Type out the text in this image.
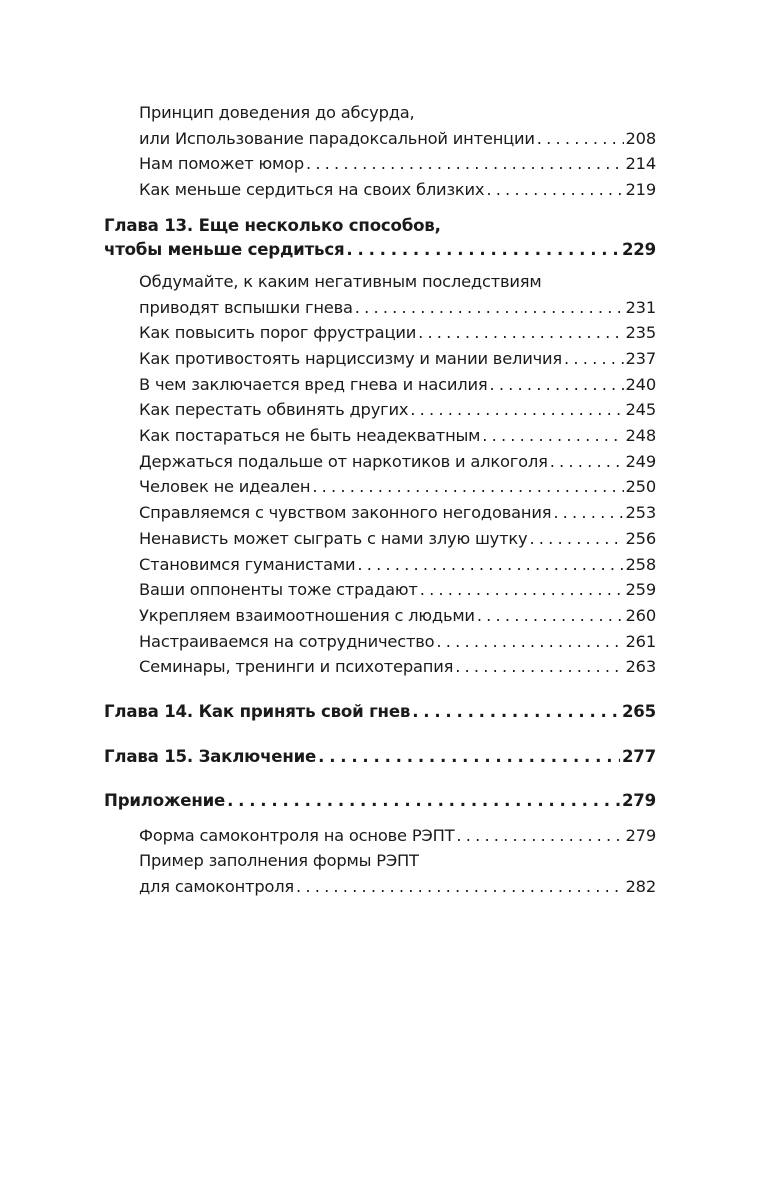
Принцип доведения до абсурда,
или Использование парадоксальной интенции . . .	208
Нам поможет юмор . . .	214
Как меньше сердиться на своих близких . . .	219
Глава 13. Еще несколько способов,
чтобы меньше сердиться . . .	229
Обдумайте, к каким негативным последствиям
приводят вспышки гнева . . .	231
Как повысить порог фрустрации . . .	235
Как противостоять нарциссизму и мании величия . . .	237
В чем заключается вред гнева и насилия . . .	240
Как перестать обвинять других . . .	245
Как постараться не быть неадекватным . . .	248
Держаться подальше от наркотиков и алкоголя . . .	249
Человек не идеален . . .	250
Справляемся с чувством законного негодования . . .	253
Ненависть может сыграть с нами злую шутку . . .	256
Становимся гуманистами . . .	258
Ваши оппоненты тоже страдают . . .	259
Укрепляем взаимоотношения с людьми . . .	260
Настраиваемся на сотрудничество . . .	261
Семинары, тренинги и психотерапия . . .	263
Глава 14. Как принять свой гнев . . .	265
Глава 15. Заключение . . .	277
Приложение . . .	279
Форма самоконтроля на основе РЭПТ . . .	279
Пример заполнения формы РЭПТ
для самоконтроля . . .	282
